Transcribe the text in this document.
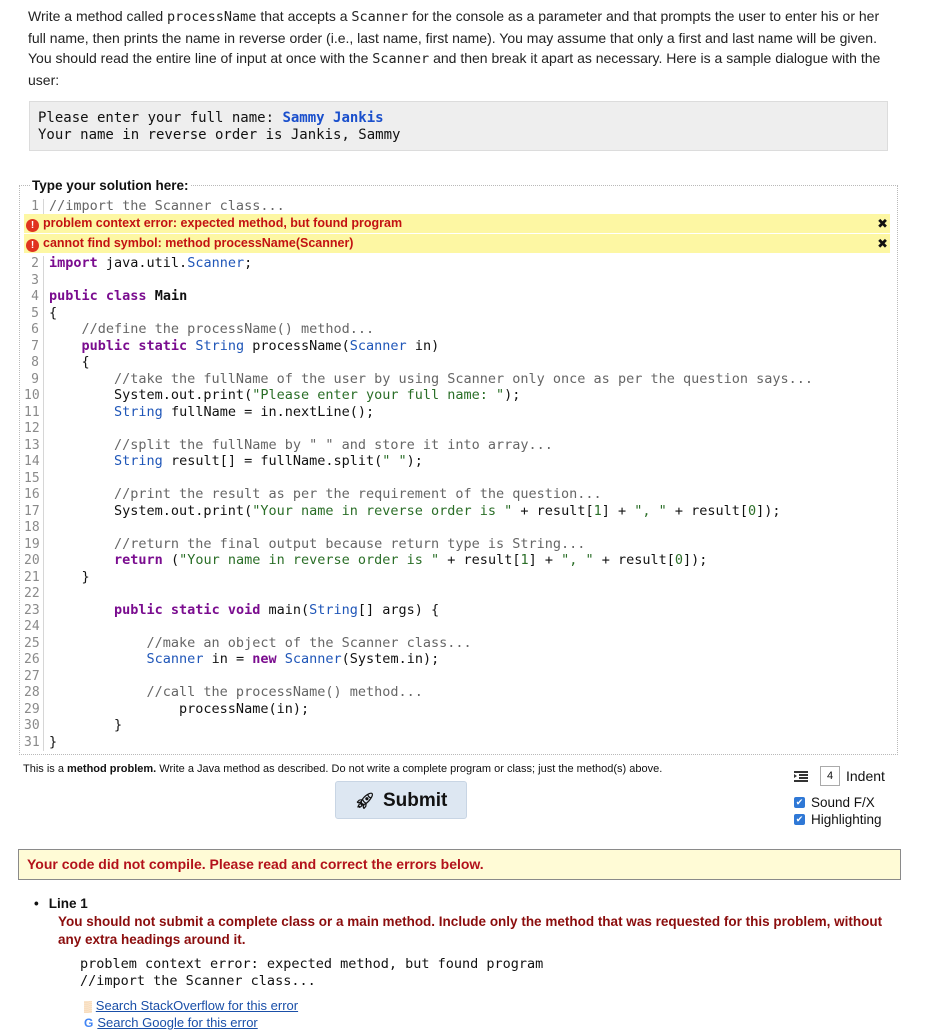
Write a method called processName that accepts a Scanner for the console as a parameter and that prompts the user to enter his or her full name, then prints the name in reverse order (i.e., last name, first name). You may assume that only a first and last name will be given. You should read the entire line of input at once with the Scanner and then break it apart as necessary. Here is a sample dialogue with the user:
Please enter your full name: Sammy Jankis
Your name in reverse order is Jankis, Sammy
Type your solution here:
1 //import the Scanner class...
! problem context error: expected method, but found program	✖
! cannot find symbol: method processName(Scanner)	✖
2 import java.util.Scanner;
3
4 public class Main
5 {
6    //define the processName() method...
7	public static String processName(Scanner in)
8    {
9        //take the fullName of the user by using Scanner only once as per the question says...
10        System.out.print("Please enter your full name: ");
11	String fullName = in.nextLine();
12
13        //split the fullName by " " and store it into array...
14	String result[] = fullName.split(" ");
15
16        //print the result as per the requirement of the question...
17        System.out.print("Your name in reverse order is " + result[1] + ", " + result[0]);
18
19        //return the final output because return type is String...
20	return ("Your name in reverse order is " + result[1] + ", " + result[0]);
21    }
22
23	public static void main(String[] args) {
24
25            //make an object of the Scanner class...
26	Scanner in = new Scanner(System.in);
27
28            //call the processName() method...
29                processName(in);
30        }
31 }
This is a method problem. Write a Java method as described. Do not write a complete program or class; just the method(s) above.
🚀︎ Submit
4 Indent
✔ Sound F/X
✔ Highlighting
Your code did not compile. Please read and correct the errors below.
• Line 1
You should not submit a complete class or a main method. Include only the method that was requested for this problem, without any extra headings around it.
problem context error: expected method, but found program
//import the Scanner class...
▒ Search StackOverflow for this error
G Search Google for this error
